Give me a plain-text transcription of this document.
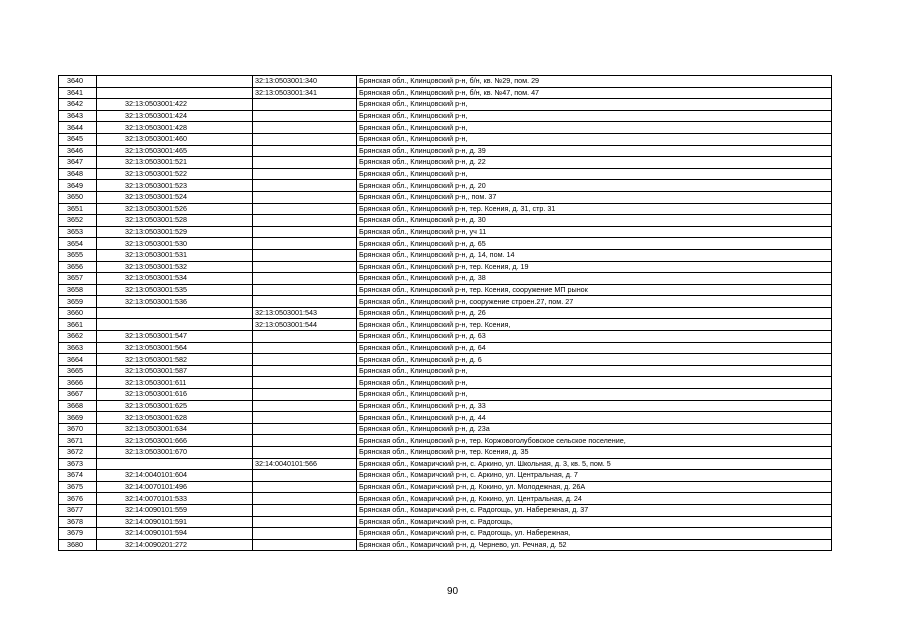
3640		32:13:0503001:340	Брянская обл., Клинцовский р-н, б/н, кв. №29, пом. 29
3641		32:13:0503001:341	Брянская обл., Клинцовский р-н, б/н, кв. №47, пом. 47
3642	32:13:0503001:422		Брянская обл., Клинцовский р-н,
3643	32:13:0503001:424		Брянская обл., Клинцовский р-н,
3644	32:13:0503001:428		Брянская обл., Клинцовский р-н,
3645	32:13:0503001:460		Брянская обл., Клинцовский р-н,
3646	32:13:0503001:465		Брянская обл., Клинцовский р-н, д. 39
3647	32:13:0503001:521		Брянская обл., Клинцовский р-н, д. 22
3648	32:13:0503001:522		Брянская обл., Клинцовский р-н,
3649	32:13:0503001:523		Брянская обл., Клинцовский р-н, д. 20
3650	32:13:0503001:524		Брянская обл., Клинцовский р-н,, пом. 37
3651	32:13:0503001:526		Брянская обл., Клинцовский р-н, тер. Ксения, д. 31, стр. 31
3652	32:13:0503001:528		Брянская обл., Клинцовский р-н, д. 30
3653	32:13:0503001:529		Брянская обл., Клинцовский р-н, уч 11
3654	32:13:0503001:530		Брянская обл., Клинцовский р-н, д. 65
3655	32:13:0503001:531		Брянская обл., Клинцовский р-н, д. 14, пом. 14
3656	32:13:0503001:532		Брянская обл., Клинцовский р-н, тер. Ксения, д. 19
3657	32:13:0503001:534		Брянская обл., Клинцовский р-н, д. 38
3658	32:13:0503001:535		Брянская обл., Клинцовский р-н, тер. Ксения, сооружение МП рынок
3659	32:13:0503001:536		Брянская обл., Клинцовский р-н, сооружение строен.27, пом. 27
3660		32:13:0503001:543	Брянская обл., Клинцовский р-н, д. 26
3661		32:13:0503001:544	Брянская обл., Клинцовский р-н, тер. Ксения,
3662	32:13:0503001:547		Брянская обл., Клинцовский р-н, д. 63
3663	32:13:0503001:564		Брянская обл., Клинцовский р-н, д. 64
3664	32:13:0503001:582		Брянская обл., Клинцовский р-н, д. 6
3665	32:13:0503001:587		Брянская обл., Клинцовский р-н,
3666	32:13:0503001:611		Брянская обл., Клинцовский р-н,
3667	32:13:0503001:616		Брянская обл., Клинцовский р-н,
3668	32:13:0503001:625		Брянская обл., Клинцовский р-н, д. 33
3669	32:13:0503001:628		Брянская обл., Клинцовский р-н, д. 44
3670	32:13:0503001:634		Брянская обл., Клинцовский р-н, д. 23а
3671	32:13:0503001:666		Брянская обл., Клинцовский р-н, тер. Коржовоголубовское сельское поселение,
3672	32:13:0503001:670		Брянская обл., Клинцовский р-н, тер. Ксения, д. 35
3673		32:14:0040101:566	Брянская обл., Комаричский р-н, с. Аркино, ул. Школьная, д. 3, кв. 5, пом. 5
3674	32:14:0040101:604		Брянская обл., Комаричский р-н, с. Аркино, ул. Центральная, д. 7
3675	32:14:0070101:496		Брянская обл., Комаричский р-н, д. Кокино, ул. Молодежная, д. 26А
3676	32:14:0070101:533		Брянская обл., Комаричский р-н, д. Кокино, ул. Центральная, д. 24
3677	32:14:0090101:559		Брянская обл., Комаричский р-н, с. Радогощь, ул. Набережная, д. 37
3678	32:14:0090101:591		Брянская обл., Комаричский р-н, с. Радогощь,
3679	32:14:0090101:594		Брянская обл., Комаричский р-н, с. Радогощь, ул. Набережная,
3680	32:14:0090201:272		Брянская обл., Комаричский р-н, д. Чернево, ул. Речная, д. 52
90
